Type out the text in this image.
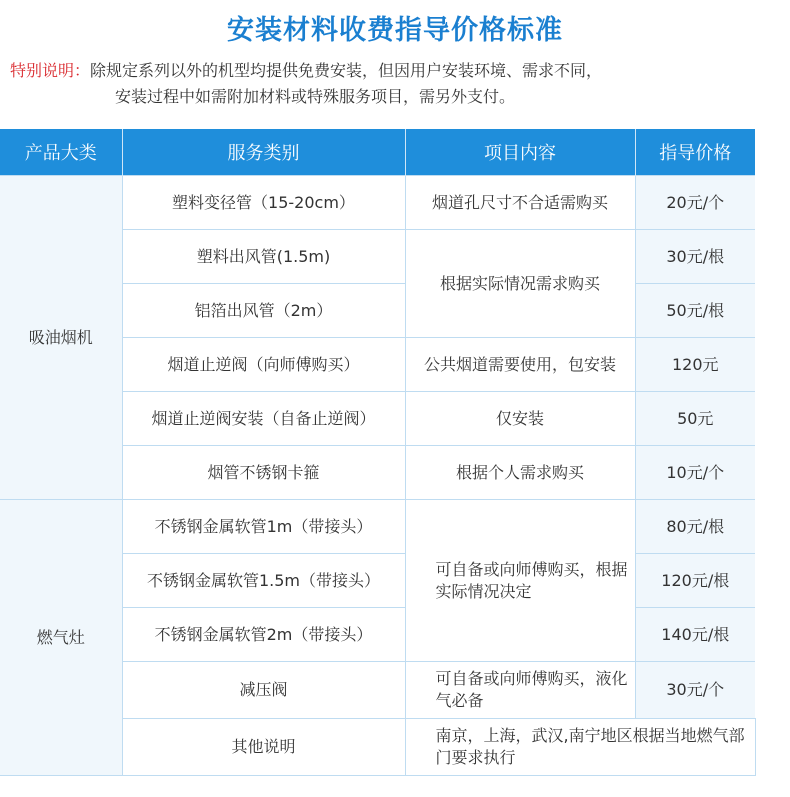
安装材料收费指导价格标准
特别说明：除规定系列以外的机型均提供免费安装，但因用户安装环境、需求不同，
安装过程中如需附加材料或特殊服务项目，需另外支付。
产品大类	服务类别	项目内容	指导价格
吸油烟机	塑料变径管（15-20cm）	烟道孔尺寸不合适需购买	20元/个
	塑料出风管(1.5m)	根据实际情况需求购买	30元/根
	铝箔出风管（2m）		50元/根
	烟道止逆阀（向师傅购买）	公共烟道需要使用，包安装	120元
	烟道止逆阀安装（自备止逆阀）	仅安装	50元
	烟管不锈钢卡箍	根据个人需求购买	10元/个
燃气灶	不锈钢金属软管1m（带接头）	可自备或向师傅购买，根据实际情况决定	80元/根
	不锈钢金属软管1.5m（带接头）		120元/根
	不锈钢金属软管2m（带接头）		140元/根
	减压阀	可自备或向师傅购买，液化气必备	30元/个
	其他说明	南京，上海，武汉,南宁地区根据当地燃气部门要求执行	
